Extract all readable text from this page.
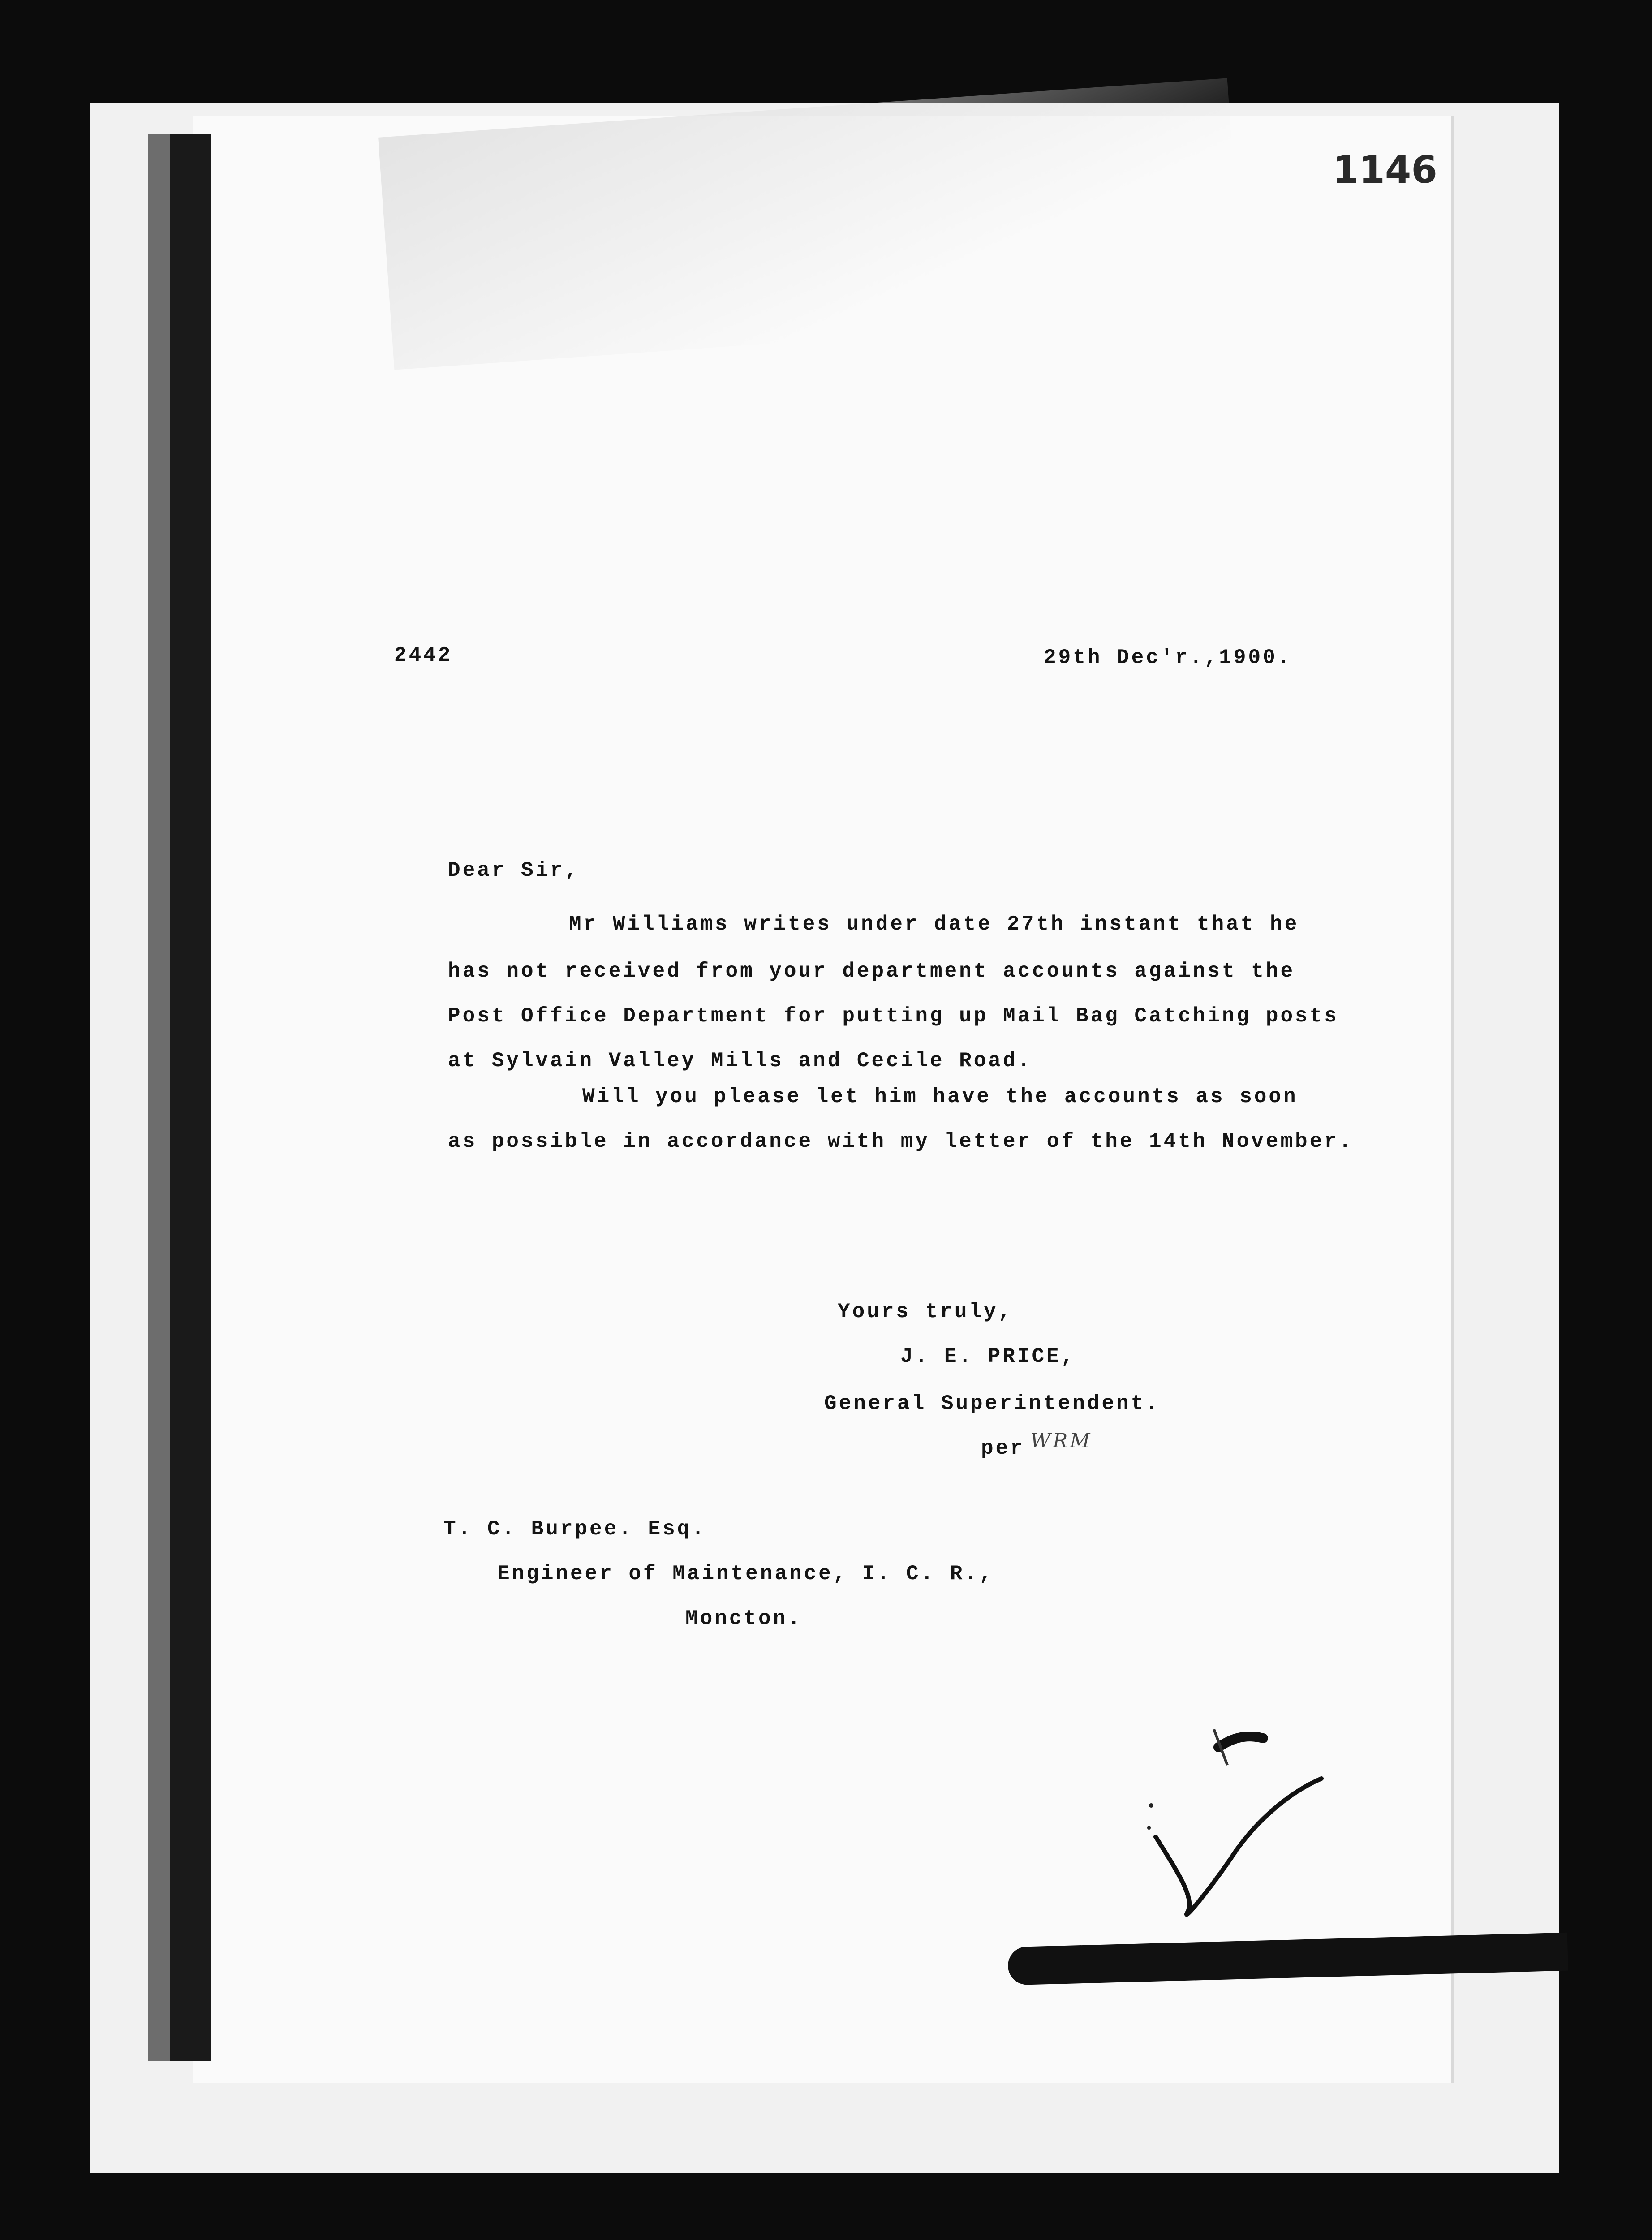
1146

2442	29th Dec'r.,1900.

Dear Sir,

Mr Williams writes under date 27th instant that he

has not received from your department accounts against the

Post Office Department for putting up Mail Bag Catching posts

at Sylvain Valley Mills and Cecile Road.

Will you please let him have the accounts as soon

as possible in accordance with my letter of the 14th November.

Yours truly,

J. E. PRICE,

General Superintendent.

per WRM

T. C. Burpee. Esq.

Engineer of Maintenance, I. C. R.,

Moncton.
